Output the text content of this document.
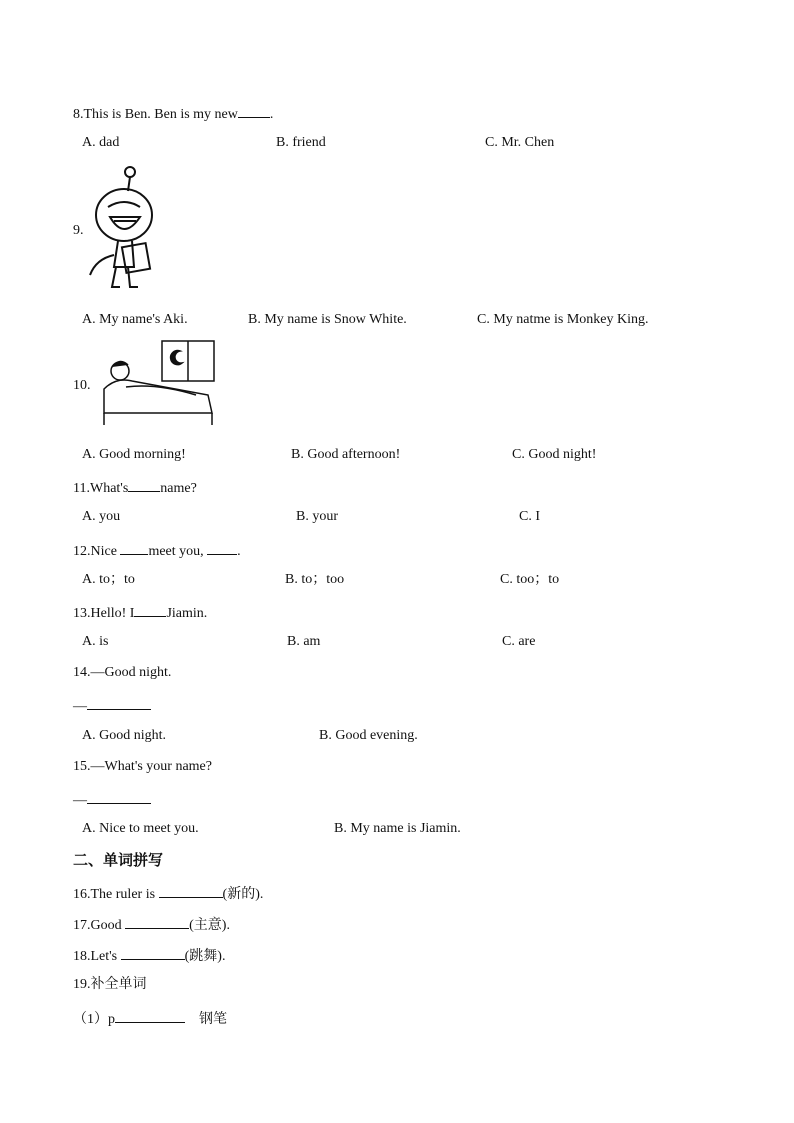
8.This is Ben. Ben is my new .
A. dad	B. friend	C. Mr. Chen
9.
A. My name's Aki.	B. My name is Snow White.	C. My natme is Monkey King.
10.
A. Good morning!	B. Good afternoon!	C. Good night!
11.What's name?
A. you	B. your	C. I
12.Nice meet you, .
A. to；to	B. to；too	C. too；to
13.Hello! I Jiamin.
A. is	B. am	C. are
14.—Good night.
—
A. Good night.	B. Good evening.
15.—What's your name?
—
A. Nice to meet you.	B. My name is Jiamin.
二、单词拼写
16.The ruler is	(新的).
17.Good	(主意).
18.Let's	(跳舞).
19.补全单词
（1）p	钢笔
